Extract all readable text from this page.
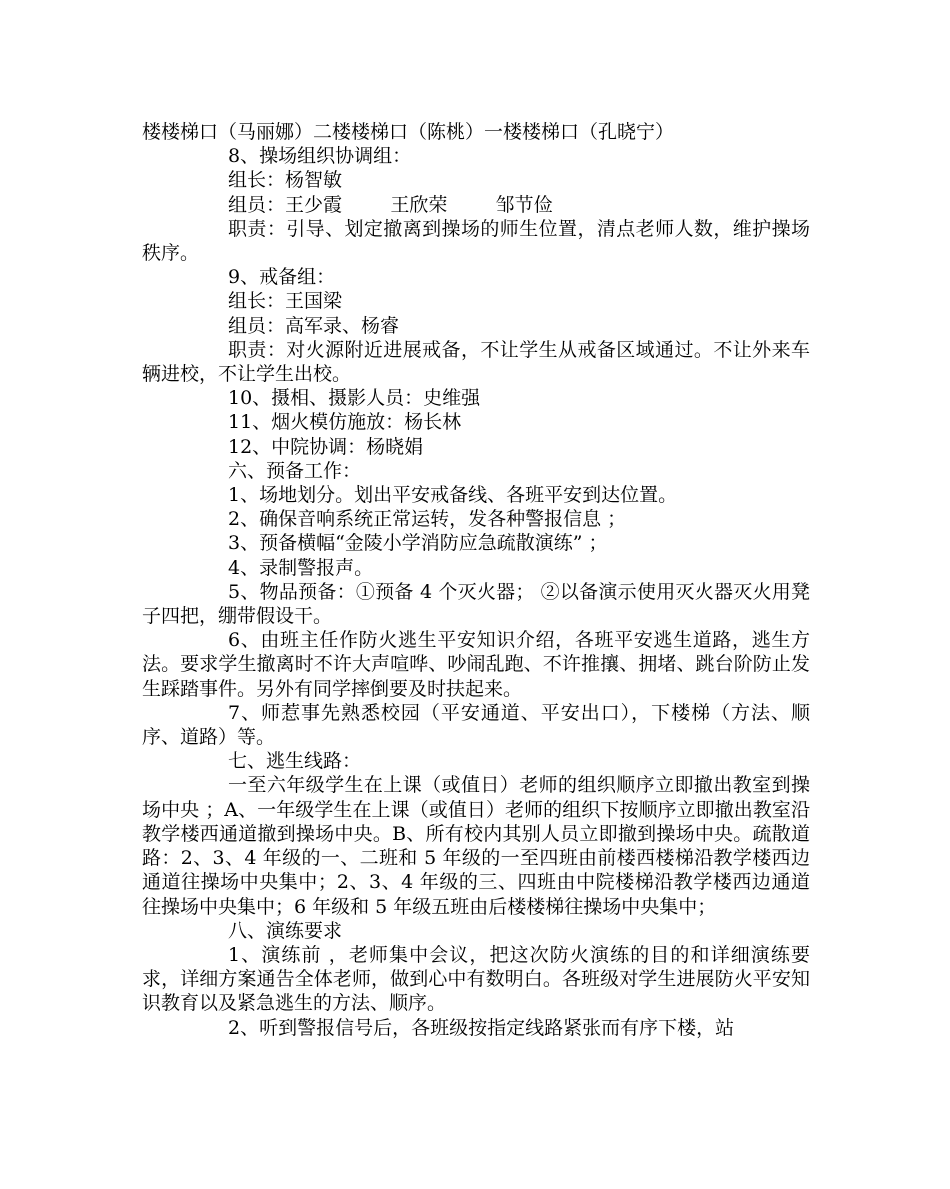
楼楼梯口（马丽娜）二楼楼梯口（陈桃）一楼楼梯口（孔晓宁）

8、操场组织协调组：

组长：杨智敏

组员：王少霞        王欣荣        邹节俭

职责：引导、划定撤离到操场的师生位置，清点老师人数，维护操场秩序。

9、戒备组：

组长：王国梁

组员：高军录、杨睿

职责：对火源附近进展戒备，不让学生从戒备区域通过。不让外来车辆进校，不让学生出校。

10、摄相、摄影人员：史维强

11、烟火模仿施放：杨长林

12、中院协调：杨晓娟

六、预备工作：

1、场地划分。划出平安戒备线、各班平安到达位置。

2、确保音响系统正常运转，发各种警报信息 ；

3、预备横幅“金陵小学消防应急疏散演练” ；

4、录制警报声。

5、物品预备：①预备 4 个灭火器； ②以备演示使用灭火器灭火用凳子四把，绷带假设干。

6、由班主任作防火逃生平安知识介绍，各班平安逃生道路，逃生方法。要求学生撤离时不许大声喧哗、吵闹乱跑、不许推攘、拥堵、跳台阶防止发生踩踏事件。另外有同学摔倒要及时扶起来。

7、师惹事先熟悉校园（平安通道、平安出口），下楼梯（方法、顺序、道路）等。

七、逃生线路：

一至六年级学生在上课（或值日）老师的组织顺序立即撤出教室到操场中央 ；A、一年级学生在上课（或值日）老师的组织下按顺序立即撤出教室沿教学楼西通道撤到操场中央。B、所有校内其别人员立即撤到操场中央。疏散道路：2、3、4 年级的一、二班和 5 年级的一至四班由前楼西楼梯沿教学楼西边通道往操场中央集中；2、3、4 年级的三、四班由中院楼梯沿教学楼西边通道往操场中央集中；6 年级和 5 年级五班由后楼楼梯往操场中央集中；

八、演练要求

1、演练前 ，老师集中会议，把这次防火演练的目的和详细演练要求，详细方案通告全体老师，做到心中有数明白。各班级对学生进展防火平安知识教育以及紧急逃生的方法、顺序。

2、听到警报信号后，各班级按指定线路紧张而有序下楼，站
